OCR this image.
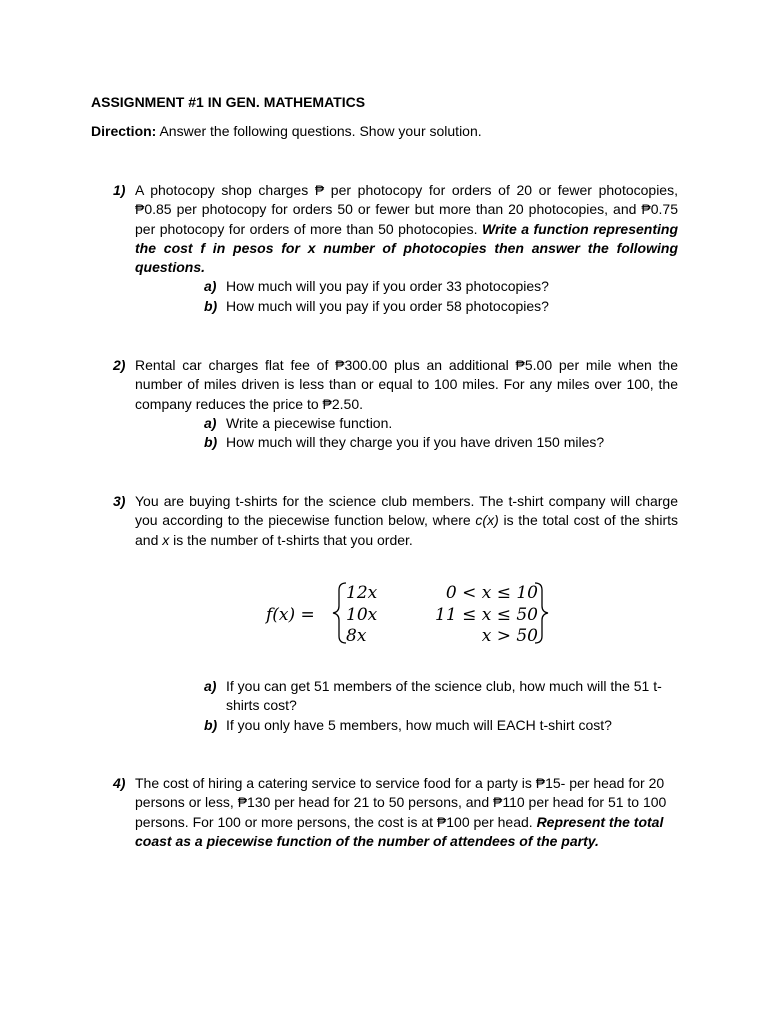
ASSIGNMENT #1 IN GEN. MATHEMATICS
Direction: Answer the following questions. Show your solution.
1) A photocopy shop charges ₱ per photocopy for orders of 20 or fewer photocopies, ₱0.85 per photocopy for orders 50 or fewer but more than 20 photocopies, and ₱0.75 per photocopy for orders of more than 50 photocopies. Write a function representing the cost f in pesos for x number of photocopies then answer the following questions.
a) How much will you pay if you order 33 photocopies?
b) How much will you pay if you order 58 photocopies?
2) Rental car charges flat fee of ₱300.00 plus an additional ₱5.00 per mile when the number of miles driven is less than or equal to 100 miles. For any miles over 100, the company reduces the price to ₱2.50.
a) Write a piecewise function.
b) How much will they charge you if you have driven 150 miles?
3) You are buying t-shirts for the science club members. The t-shirt company will charge you according to the piecewise function below, where c(x) is the total cost of the shirts and x is the number of t-shirts that you order.
f(x) =
12x
10x
8x
0 < x ≤ 10
11 ≤ x ≤ 50
x > 50
a) If you can get 51 members of the science club, how much will the 51 t-shirts cost?
b) If you only have 5 members, how much will EACH t-shirt cost?
4) The cost of hiring a catering service to service food for a party is ₱15- per head for 20 persons or less, ₱130 per head for 21 to 50 persons, and ₱110 per head for 51 to 100 persons. For 100 or more persons, the cost is at ₱100 per head. Represent the total coast as a piecewise function of the number of attendees of the party.
